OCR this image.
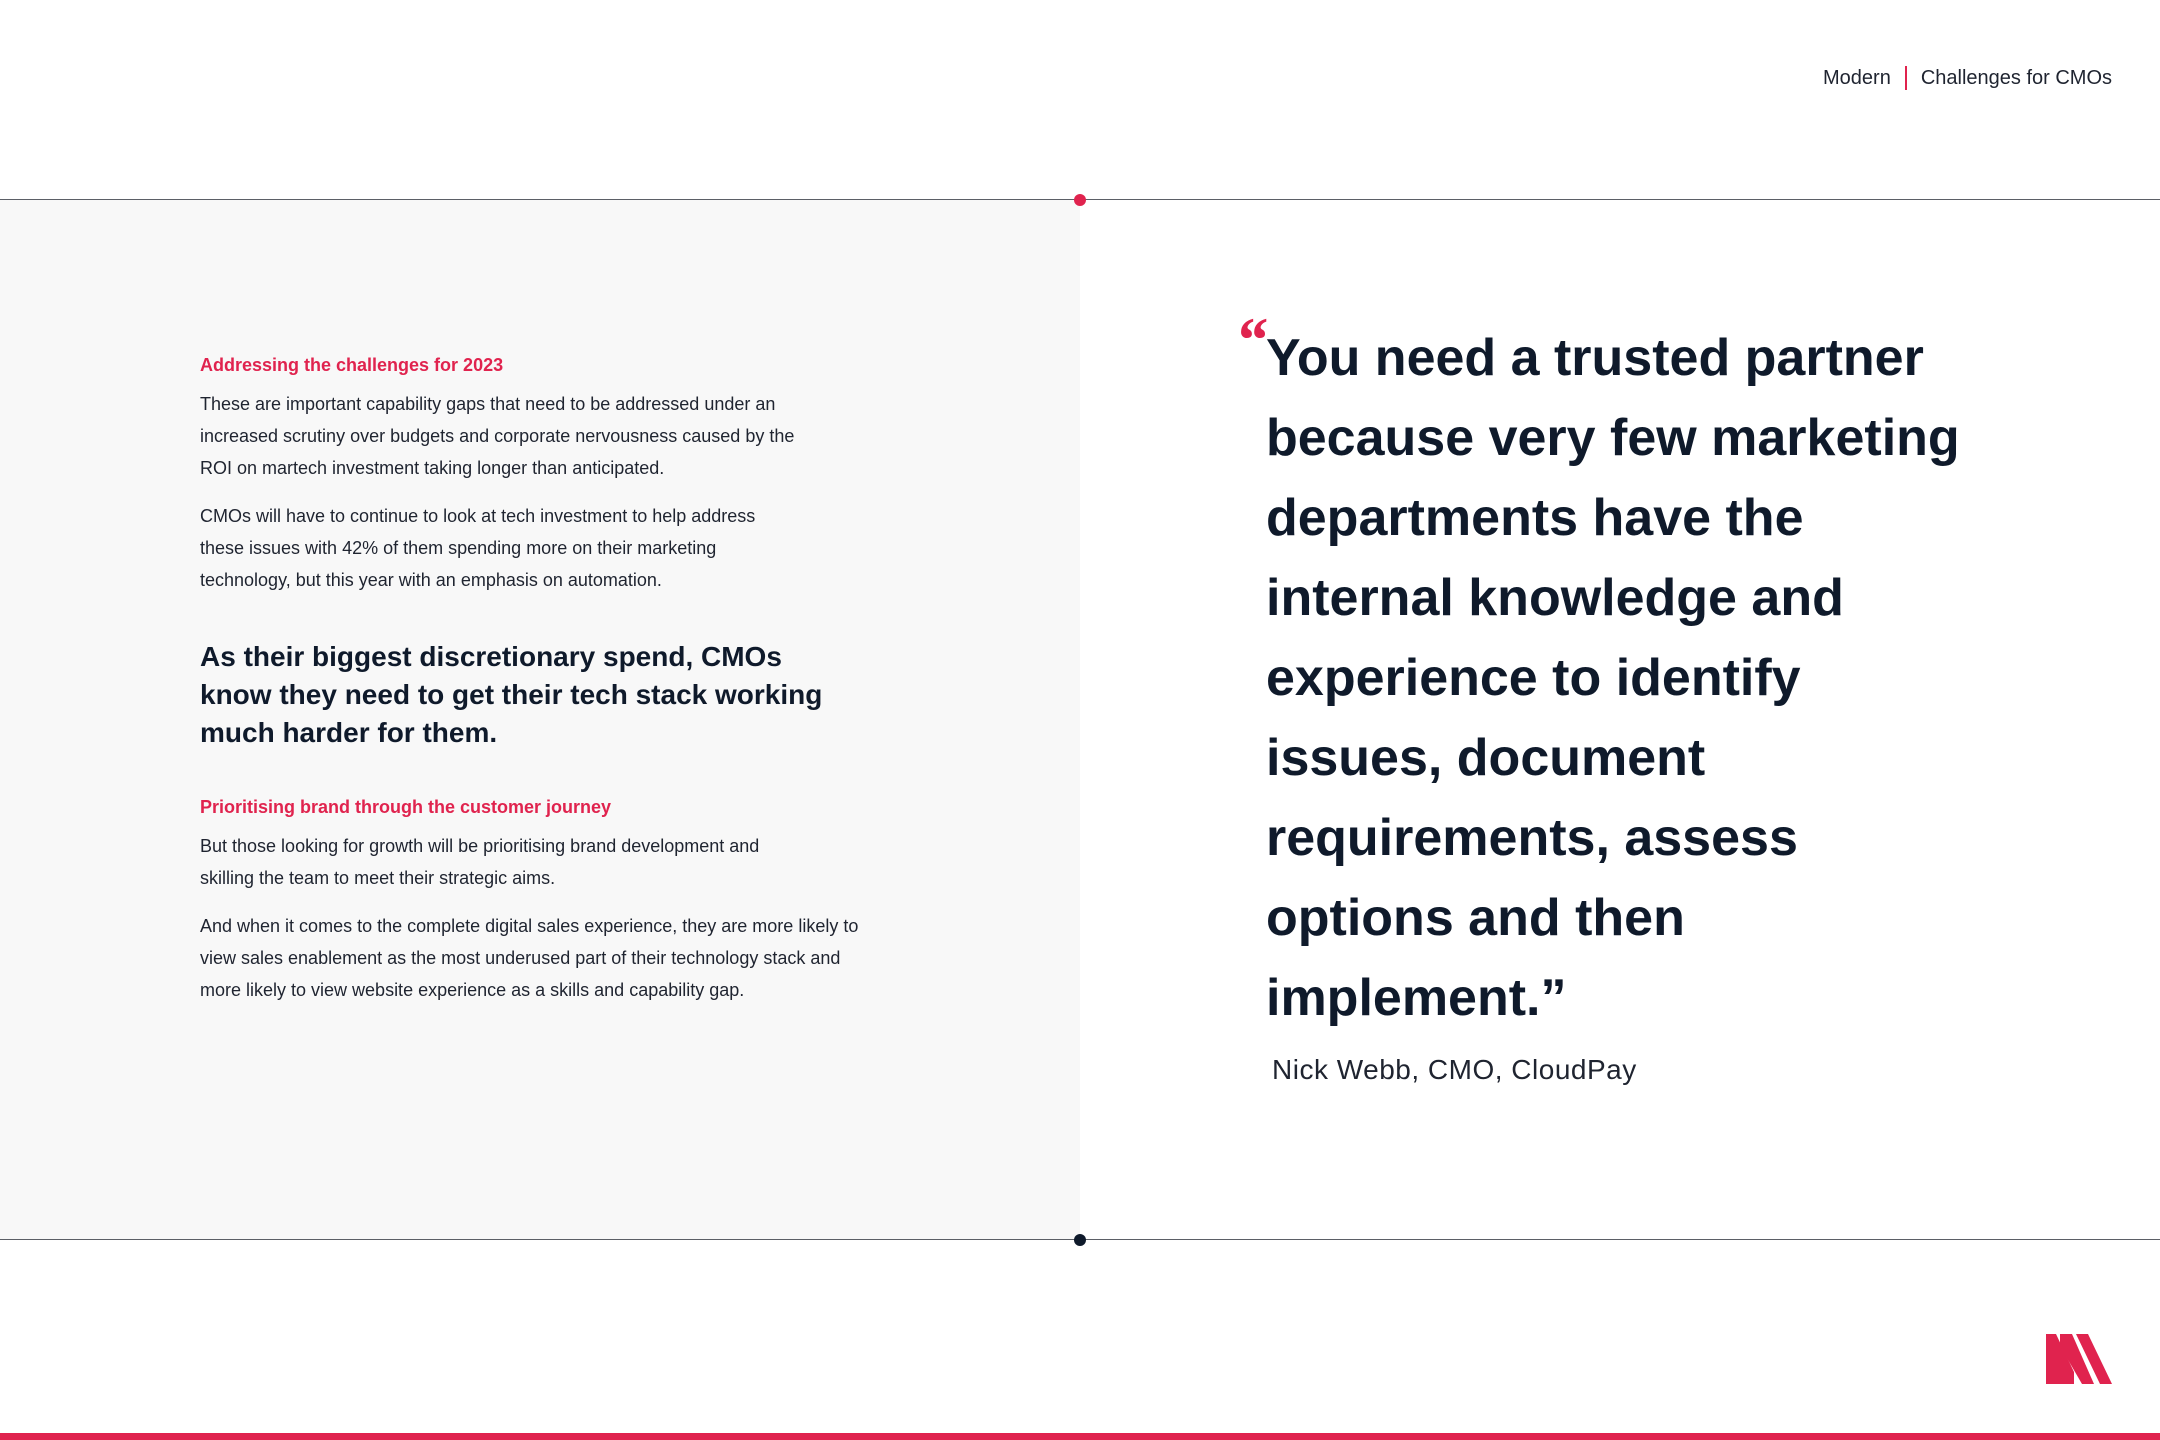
Modern Challenges for CMOs
Addressing the challenges for 2023

These are important capability gaps that need to be addressed under an increased scrutiny over budgets and corporate nervousness caused by the ROI on martech investment taking longer than anticipated.

CMOs will have to continue to look at tech investment to help address these issues with 42% of them spending more on their marketing technology, but this year with an emphasis on automation.

As their biggest discretionary spend, CMOs know they need to get their tech stack working much harder for them.
Prioritising brand through the customer journey

But those looking for growth will be prioritising brand development and skilling the team to meet their strategic aims.

And when it comes to the complete digital sales experience, they are more likely to view sales enablement as the most underused part of their technology stack and more likely to view website experience as a skills and capability gap.

“ You need a trusted partner because very few marketing departments have the internal knowledge and experience to identify issues, document requirements, assess options and then implement.”
Nick Webb, CMO, CloudPay
